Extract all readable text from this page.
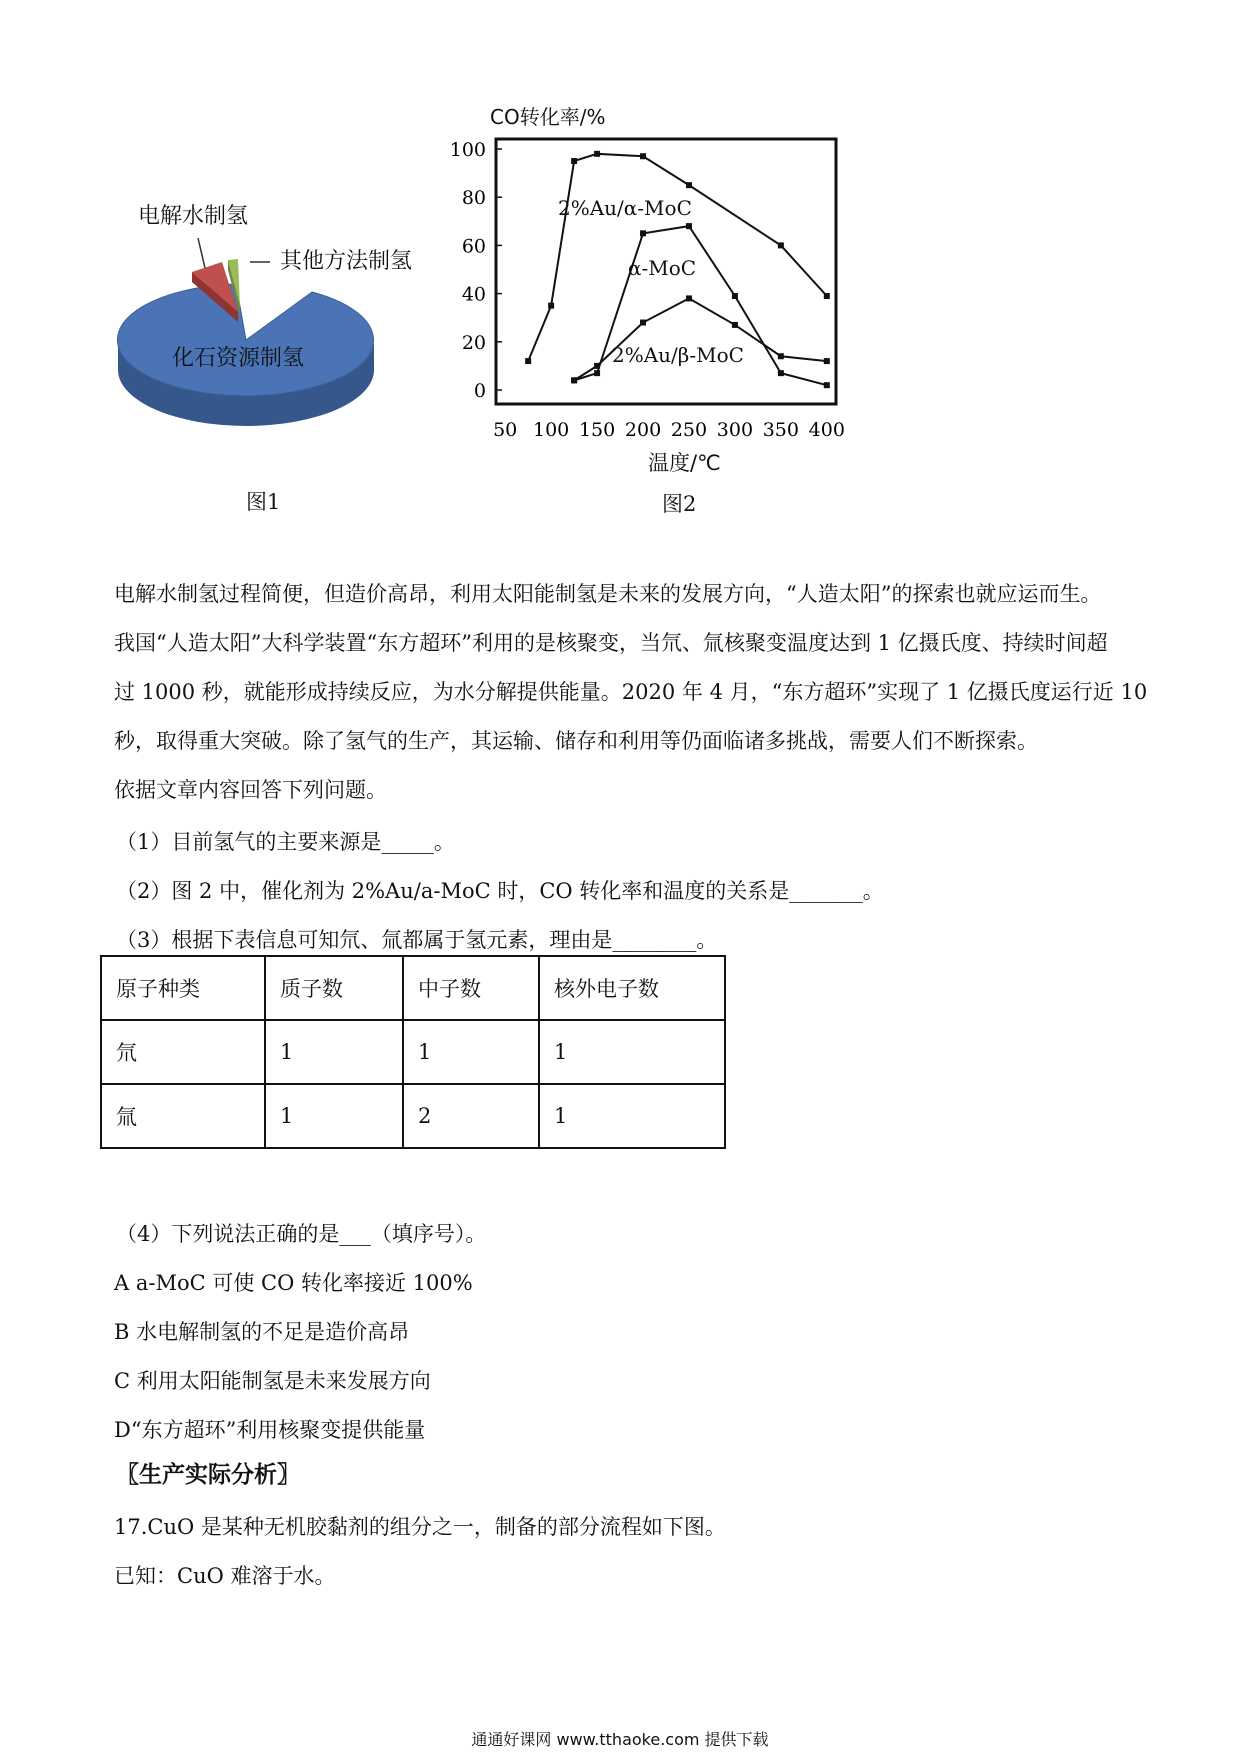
电解水制氢
其他方法制氢
化石资源制氢
CO转化率/%
0
20
40
60
80
100
50 100 150 200 250 300 350 400
2%Au/α-MoC
α-MoC
2%Au/β-MoC
温度/℃
图1	图2

电解水制氢过程简便，但造价高昂，利用太阳能制氢是未来的发展方向，“人造太阳”的探索也就应运而生。

我国“人造太阳”大科学装置“东方超环”利用的是核聚变，当氘、氚核聚变温度达到 1 亿摄氏度、持续时间超

过 1000 秒，就能形成持续反应，为水分解提供能量。2020 年 4 月，“东方超环”实现了 1 亿摄氏度运行近 10

秒，取得重大突破。除了氢气的生产，其运输、储存和利用等仍面临诸多挑战，需要人们不断探索。

依据文章内容回答下列问题。

（1）目前氢气的主要来源是_____。
（2）图 2 中，催化剂为 2%Au/a-MoC 时，CO 转化率和温度的关系是_______。
（3）根据下表信息可知氘、氚都属于氢元素，理由是________。
原子种类	质子数	中子数	核外电子数
氘	1	1	1
氚	1	2	1
（4）下列说法正确的是___（填序号）。
A a-MoC 可使 CO 转化率接近 100%
B 水电解制氢的不足是造价高昂
C 利用太阳能制氢是未来发展方向
D“东方超环”利用核聚变提供能量
〖生产实际分析〗
17.CuO 是某种无机胶黏剂的组分之一，制备的部分流程如下图。
已知：CuO 难溶于水。
通通好课网 www.tthaoke.com 提供下载
